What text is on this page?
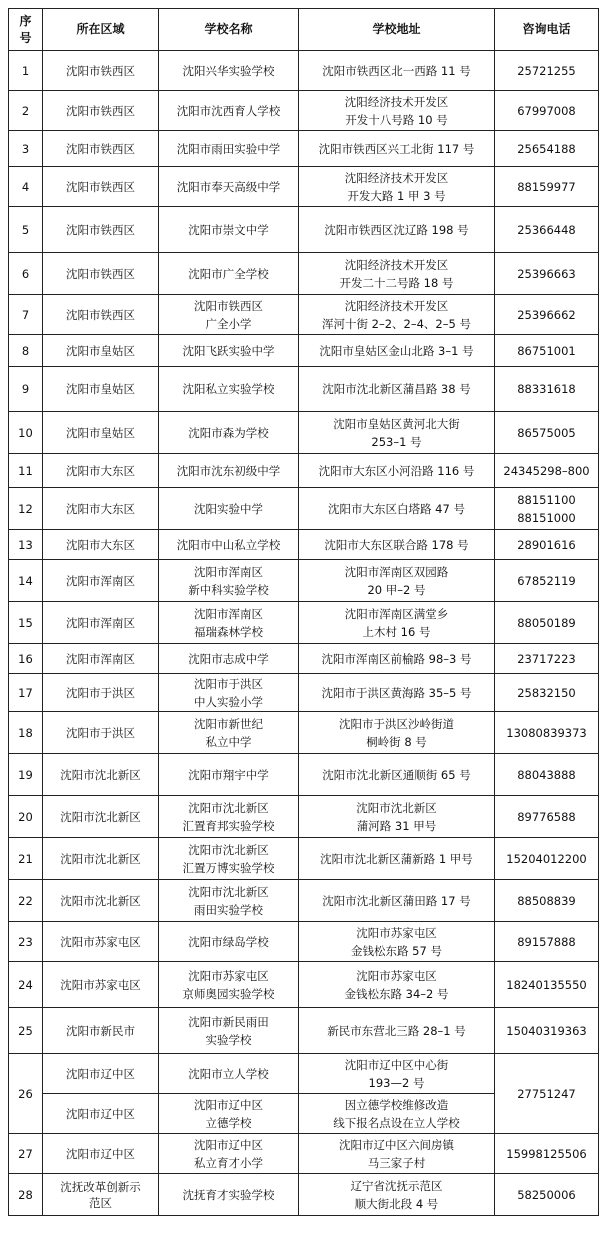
序
号	所在区域	学校名称	学校地址	咨询电话
1	沈阳市铁西区	沈阳兴华实验学校	沈阳市铁西区北一西路 11 号	25721255

2	沈阳市铁西区	沈阳市沈西育人学校	沈阳经济技术开发区
开发十八号路 10 号	67997008

3	沈阳市铁西区	沈阳市雨田实验中学	沈阳市铁西区兴工北街 117 号	25654188

4	沈阳市铁西区	沈阳市奉天高级中学	沈阳经济技术开发区
开发大路 1 甲 3 号	88159977

5	沈阳市铁西区	沈阳市崇文中学	沈阳市铁西区沈辽路 198 号	25366448

6	沈阳市铁西区	沈阳市广全学校	沈阳经济技术开发区
开发二十二号路 18 号	25396663

7	沈阳市铁西区	沈阳市铁西区
广全小学	沈阳经济技术开发区
浑河十街 2–2、2–4、2–5 号	25396662

8	沈阳市皇姑区	沈阳飞跃实验中学	沈阳市皇姑区金山北路 3–1 号	86751001

9	沈阳市皇姑区	沈阳私立实验学校	沈阳市沈北新区蒲昌路 38 号	88331618

10	沈阳市皇姑区	沈阳市森为学校	沈阳市皇姑区黄河北大街
253–1 号	86575005

11	沈阳市大东区	沈阳市沈东初级中学	沈阳市大东区小河沿路 116 号	24345298–800

12	沈阳市大东区	沈阳实验中学	沈阳市大东区白塔路 47 号	88151100
88151000

13	沈阳市大东区	沈阳市中山私立学校	沈阳市大东区联合路 178 号	28901616

14	沈阳市浑南区	沈阳市浑南区
新中科实验学校	沈阳市浑南区双园路
20 甲–2 号	67852119

15	沈阳市浑南区	沈阳市浑南区
福瑞森林学校	沈阳市浑南区满堂乡
上木村 16 号	88050189

16	沈阳市浑南区	沈阳市志成中学	沈阳市浑南区前榆路 98–3 号	23717223

17	沈阳市于洪区	沈阳市于洪区
中人实验小学	沈阳市于洪区黄海路 35–5 号	25832150

18	沈阳市于洪区	沈阳市新世纪
私立中学	沈阳市于洪区沙岭街道
桐岭街 8 号	13080839373

19	沈阳市沈北新区	沈阳市翔宇中学	沈阳市沈北新区通顺街 65 号	88043888

20	沈阳市沈北新区	沈阳市沈北新区
汇置育邦实验学校	沈阳市沈北新区
蒲河路 31 甲号	89776588

21	沈阳市沈北新区	沈阳市沈北新区
汇置万博实验学校	沈阳市沈北新区蒲新路 1 甲号	15204012200

22	沈阳市沈北新区	沈阳市沈北新区
雨田实验学校	沈阳市沈北新区蒲田路 17 号	88508839

23	沈阳市苏家屯区	沈阳市绿岛学校	沈阳市苏家屯区
金钱松东路 57 号	89157888

24	沈阳市苏家屯区	沈阳市苏家屯区
京师奥园实验学校	沈阳市苏家屯区
金钱松东路 34–2 号	18240135550

25	沈阳市新民市	沈阳市新民雨田
实验学校	新民市东营北三路 28–1 号	15040319363

26	沈阳市辽中区	沈阳市立人学校	沈阳市辽中区中心街
193—2 号	27751247

	沈阳市辽中区	沈阳市辽中区
立德学校	因立德学校维修改造
线下报名点设在立人学校	

27	沈阳市辽中区	沈阳市辽中区
私立育才小学	沈阳市辽中区六间房镇
马三家子村	15998125506

28	沈抚改革创新示范区	沈抚育才实验学校	辽宁省沈抚示范区
顺大街北段 4 号	58250006
